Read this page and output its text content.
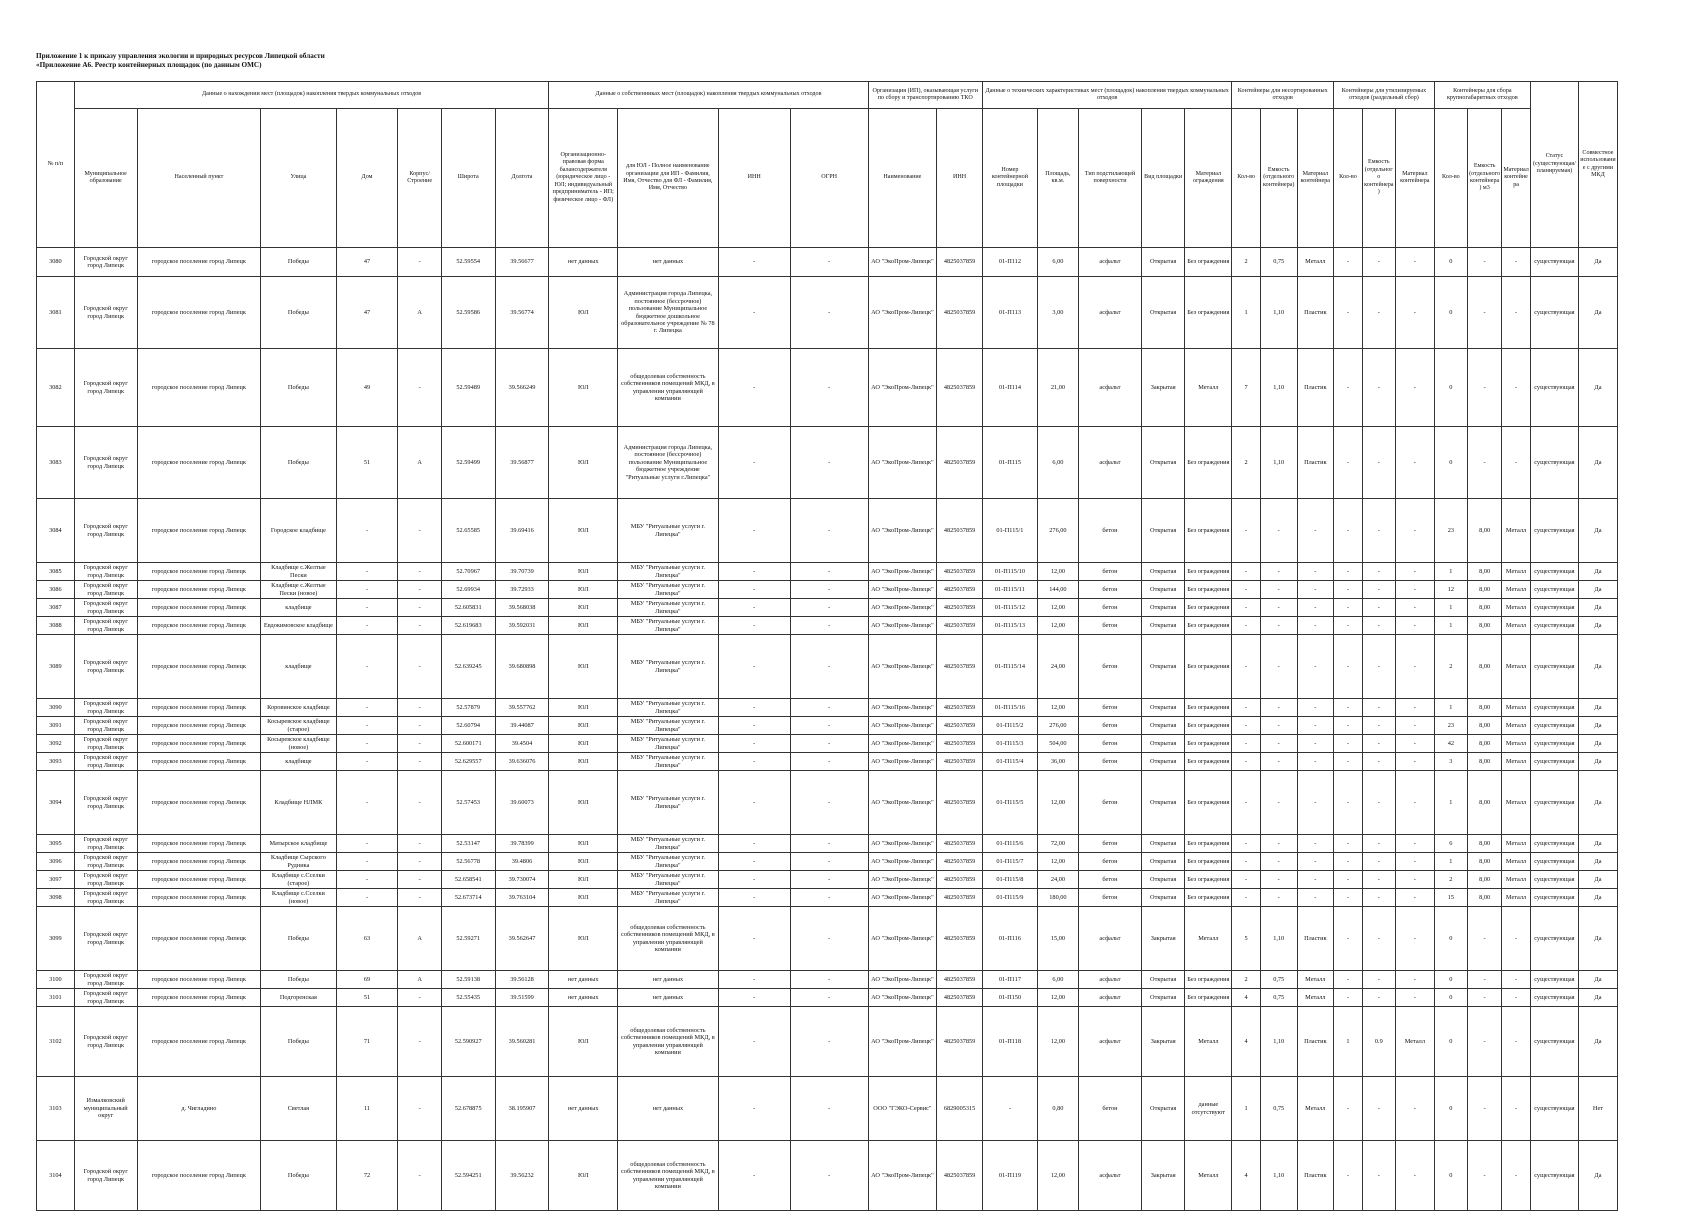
Приложение 1 к приказу управления экологии и природных ресурсов Липецкой области
«Приложение А6. Реестр контейнерных площадок (по данным ОМС)
№ п/п	Данные о нахождении мест (площадок) накопления твердых коммунальных отходов							Данные о собственниках мест (площадок) накопления твердых коммунальных отходов				Организация (ИП), оказывающая услуги по сбору и транспортированию ТКО		Данные о технических характеристиках мест (площадок) накопления твердых коммунальных отходов					Контейнеры для несортированных отходов			Контейнеры для утилизируемых отходов (раздельный сбор)			Контейнеры для сбора крупногабаритных отходов			Статус (существующая/ планируемая)	Совместное использование с другими МКД
	Муниципальное образование	Населенный пункт	Улица	Дом	Корпус/Строение	Широта	Долгота	Организационно-правовая форма балансодержателя (юридическое лицо - ЮЛ; индивидуальный предприниматель - ИП; физическое лицо - ФЛ)	для ЮЛ - Полное наименование организации для ИП - Фамилия, Имя, Отчество для ФЛ - Фамилия, Имя, Отчество	ИНН	ОГРН	Наименование	ИНН	Номер контейнерной площадки	Площадь, кв.м.	Тип подстилающей поверхности	Вид площадки	Материал ограждения	Кол-во	Емкость (отдельного контейнера)	Материал контейнера	Кол-во	Емкость (отдельного контейнера)	Материал контейнера	Кол-во	Емкость (отдельного контейнера) м3	Материал контейнера		
3080	Городской округ город Липецк	городское поселение город Липецк	Победы	47	-	52.59554	39.56677	нет данных	нет данных	-	-	АО "ЭкоПром-Липецк"	4825037859	01-П112	6,00	асфальт	Открытая	Без ограждения	2	0,75	Металл	-	-	-	0	-	-	существующая	Да
3081	Городской округ город Липецк	городское поселение город Липецк	Победы	47	А	52.59586	39.56774	ЮЛ	Администрация города Липецка, постоянное (бессрочное) пользование Муниципальное бюджетное дошкольное образовательное учреждение № 78 г. Липецка	-	-	АО "ЭкоПром-Липецк"	4825037859	01-П113	3,00	асфальт	Открытая	Без ограждения	1	1,10	Пластик	-	-	-	0	-	-	существующая	Да
3082	Городской округ город Липецк	городское поселение город Липецк	Победы	49	-	52.59489	39.566249	ЮЛ	общедолевая собственность собственников помещений МКД, в управлении управляющей компании	-	-	АО "ЭкоПром-Липецк"	4825037859	01-П114	21,00	асфальт	Закрытая	Металл	7	1,10	Пластик	-	-	-	0	-	-	существующая	Да
3083	Городской округ город Липецк	городское поселение город Липецк	Победы	51	А	52.59499	39.56877	ЮЛ	Администрация города Липецка, постоянное (бессрочное) пользование Муниципальное бюджетное учреждение "Ритуальные услуги г.Липецка"	-	-	АО "ЭкоПром-Липецк"	4825037859	01-П115	6,00	асфальт	Открытая	Без ограждения	2	1,10	Пластик	-	-	-	0	-	-	существующая	Да
3084	Городской округ город Липецк	городское поселение город Липецк	Городское кладбище	-	-	52.65585	39.69416	ЮЛ	МБУ "Ритуальные услуги г. Липецка"	-	-	АО "ЭкоПром-Липецк"	4825037859	01-П115/1	276,00	бетон	Открытая	Без ограждения	-	-	-	-	-	-	23	8,00	Металл	существующая	Да
3085	Городской округ город Липецк	городское поселение город Липецк	Кладбище с.Желтые Пески	-	-	52.70967	39.70739	ЮЛ	МБУ "Ритуальные услуги г. Липецка"	-	-	АО "ЭкоПром-Липецк"	4825037859	01-П115/10	12,00	бетон	Открытая	Без ограждения	-	-	-	-	-	-	1	8,00	Металл	существующая	Да
3086	Городской округ город Липецк	городское поселение город Липецк	Кладбище с.Желтые Пески (новое)	-	-	52.69934	39.72933	ЮЛ	МБУ "Ритуальные услуги г. Липецка"	-	-	АО "ЭкоПром-Липецк"	4825037859	01-П115/11	144,00	бетон	Открытая	Без ограждения	-	-	-	-	-	-	12	8,00	Металл	существующая	Да
3087	Городской округ город Липецк	городское поселение город Липецк	кладбище	-	-	52.605831	39.568038	ЮЛ	МБУ "Ритуальные услуги г. Липецка"	-	-	АО "ЭкоПром-Липецк"	4825037859	01-П115/12	12,00	бетон	Открытая	Без ограждения	-	-	-	-	-	-	1	8,00	Металл	существующая	Да
3088	Городской округ город Липецк	городское поселение город Липецк	Евдокимовское кладбище	-	-	52.619683	39.592031	ЮЛ	МБУ "Ритуальные услуги г. Липецка"	-	-	АО "ЭкоПром-Липецк"	4825037859	01-П115/13	12,00	бетон	Открытая	Без ограждения	-	-	-	-	-	-	1	8,00	Металл	существующая	Да
3089	Городской округ город Липецк	городское поселение город Липецк	кладбище	-	-	52.639245	39.680898	ЮЛ	МБУ "Ритуальные услуги г. Липецка"	-	-	АО "ЭкоПром-Липецк"	4825037859	01-П115/14	24,00	бетон	Открытая	Без ограждения	-	-	-	-	-	-	2	8,00	Металл	существующая	Да
3090	Городской округ город Липецк	городское поселение город Липецк	Коровинское кладбище	-	-	52.57879	39.557762	ЮЛ	МБУ "Ритуальные услуги г. Липецка"	-	-	АО "ЭкоПром-Липецк"	4825037859	01-П115/16	12,00	бетон	Открытая	Без ограждения	-	-	-	-	-	-	1	8,00	Металл	существующая	Да
3091	Городской округ город Липецк	городское поселение город Липецк	Косыревское кладбище (старое)	-	-	52.60794	39.44087	ЮЛ	МБУ "Ритуальные услуги г. Липецка"	-	-	АО "ЭкоПром-Липецк"	4825037859	01-П115/2	276,00	бетон	Открытая	Без ограждения	-	-	-	-	-	-	23	8,00	Металл	существующая	Да
3092	Городской округ город Липецк	городское поселение город Липецк	Косыревское кладбище (новое)	-	-	52.600171	39.4504	ЮЛ	МБУ "Ритуальные услуги г. Липецка"	-	-	АО "ЭкоПром-Липецк"	4825037859	01-П115/3	504,00	бетон	Открытая	Без ограждения	-	-	-	-	-	-	42	8,00	Металл	существующая	Да
3093	Городской округ город Липецк	городское поселение город Липецк	кладбище	-	-	52.629557	39.636076	ЮЛ	МБУ "Ритуальные услуги г. Липецка"	-	-	АО "ЭкоПром-Липецк"	4825037859	01-П115/4	36,00	бетон	Открытая	Без ограждения	-	-	-	-	-	-	3	8,00	Металл	существующая	Да
3094	Городской округ город Липецк	городское поселение город Липецк	Кладбище НЛМК	-	-	52.57453	39.60073	ЮЛ	МБУ "Ритуальные услуги г. Липецка"	-	-	АО "ЭкоПром-Липецк"	4825037859	01-П115/5	12,00	бетон	Открытая	Без ограждения	-	-	-	-	-	-	1	8,00	Металл	существующая	Да
3095	Городской округ город Липецк	городское поселение город Липецк	Матырское кладбище	-	-	52.53147	39.78399	ЮЛ	МБУ "Ритуальные услуги г. Липецка"	-	-	АО "ЭкоПром-Липецк"	4825037859	01-П115/6	72,00	бетон	Открытая	Без ограждения	-	-	-	-	-	-	6	8,00	Металл	существующая	Да
3096	Городской округ город Липецк	городское поселение город Липецк	Кладбище Сырского Рудника	-	-	52.56778	39.4806	ЮЛ	МБУ "Ритуальные услуги г. Липецка"	-	-	АО "ЭкоПром-Липецк"	4825037859	01-П115/7	12,00	бетон	Открытая	Без ограждения	-	-	-	-	-	-	1	8,00	Металл	существующая	Да
3097	Городской округ город Липецк	городское поселение город Липецк	Кладбище с.Сселки (старое)	-	-	52.658541	39.730074	ЮЛ	МБУ "Ритуальные услуги г. Липецка"	-	-	АО "ЭкоПром-Липецк"	4825037859	01-П115/8	24,00	бетон	Открытая	Без ограждения	-	-	-	-	-	-	2	8,00	Металл	существующая	Да
3098	Городской округ город Липецк	городское поселение город Липецк	Кладбище с.Сселки (новое)	-	-	52.673714	39.763104	ЮЛ	МБУ "Ритуальные услуги г. Липецка"	-	-	АО "ЭкоПром-Липецк"	4825037859	01-П115/9	180,00	бетон	Открытая	Без ограждения	-	-	-	-	-	-	15	8,00	Металл	существующая	Да
3099	Городской округ город Липецк	городское поселение город Липецк	Победы	63	А	52.59271	39.562647	ЮЛ	общедолевая собственность собственников помещений МКД, в управлении управляющей компании	-	-	АО "ЭкоПром-Липецк"	4825037859	01-П116	15,00	асфальт	Закрытая	Металл	5	1,10	Пластик	-	-	-	0	-	-	существующая	Да
3100	Городской округ город Липецк	городское поселение город Липецк	Победы	69	А	52.59138	39.56128	нет данных	нет данных	-	-	АО "ЭкоПром-Липецк"	4825037859	01-П117	6,00	асфальт	Открытая	Без ограждения	2	0,75	Металл	-	-	-	0	-	-	существующая	Да
3101	Городской округ город Липецк	городское поселение город Липецк	Подгоренская	51	-	52.55435	39.51599	нет данных	нет данных	-	-	АО "ЭкоПром-Липецк"	4825037859	01-П150	12,00	асфальт	Открытая	Без ограждения	4	0,75	Металл	-	-	-	0	-	-	существующая	Да
3102	Городской округ город Липецк	городское поселение город Липецк	Победы	71	-	52.590927	39.560281	ЮЛ	общедолевая собственность собственников помещений МКД, в управлении управляющей компании	-	-	АО "ЭкоПром-Липецк"	4825037859	01-П118	12,00	асфальт	Закрытая	Металл	4	1,10	Пластик	1	0.9	Металл	0	-	-	существующая	Да
3103	Измалковский муниципальный округ	д. Чигладино	Светлая	11	-	52.678875	38.195907	нет данных	нет данных	-	-	ООО "ГЭКО-Сервис"	6829005315	-	0,80	бетон	Открытая	данные отсутствуют	1	0,75	Металл	-	-	-	0	-	-	существующая	Нет
3104	Городской округ город Липецк	городское поселение город Липецк	Победы	72	-	52.594251	39.56232	ЮЛ	общедолевая собственность собственников помещений МКД, в управлении управляющей компании	-	-	АО "ЭкоПром-Липецк"	4825037859	01-П119	12,00	асфальт	Закрытая	Металл	4	1,10	Пластик	-	-	-	0	-	-	существующая	Да
